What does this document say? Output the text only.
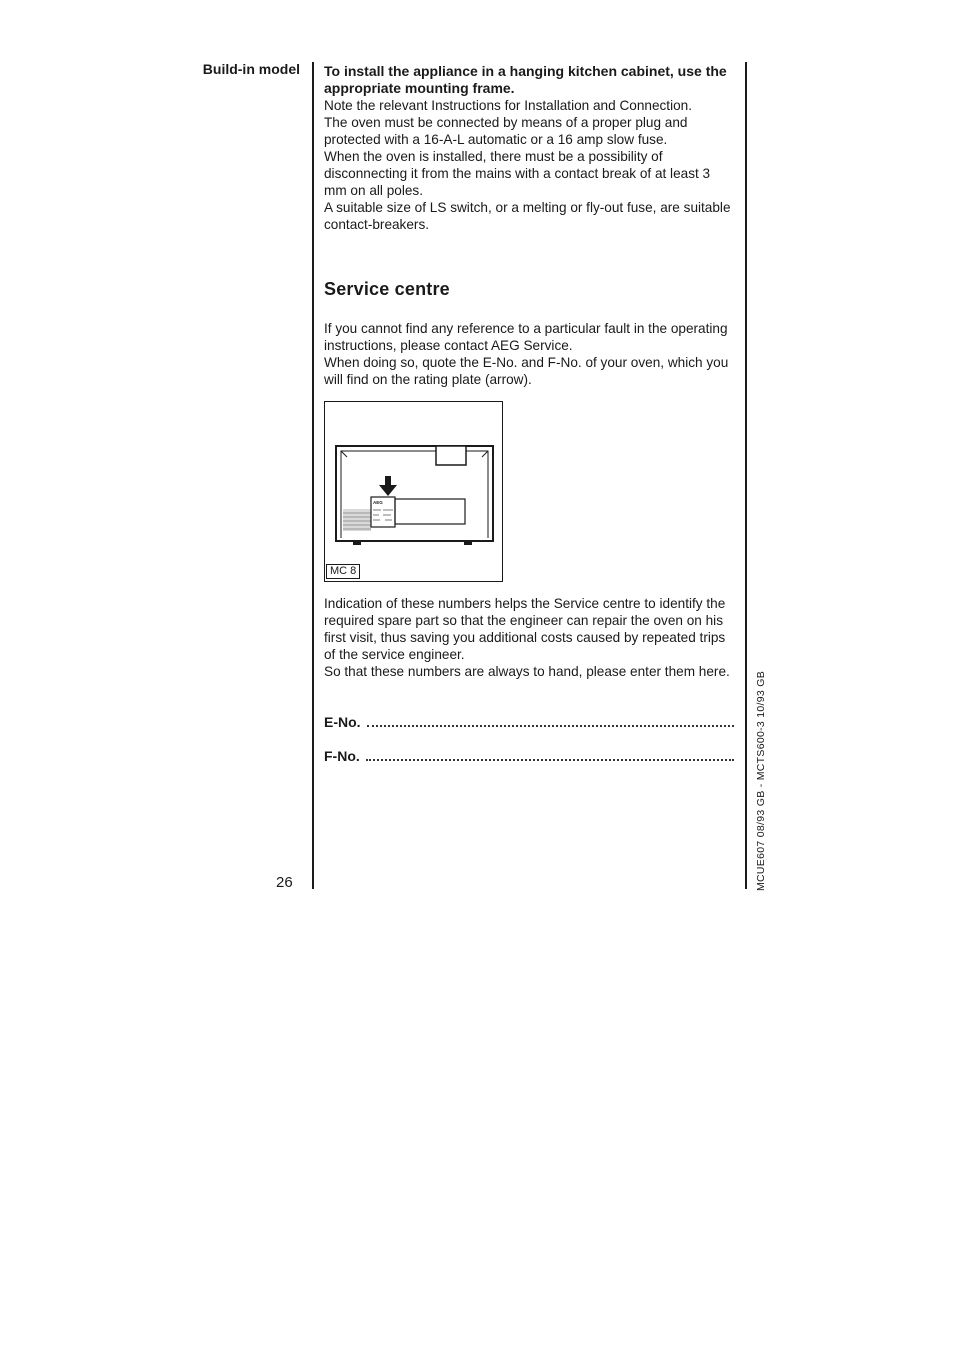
Build-in model To install the appliance in a hanging kitchen cabinet, use the appropriate mounting frame.

Note the relevant Instructions for Installation and Connection.

The oven must be connected by means of a proper plug and protected with a 16-A-L automatic or a 16 amp slow fuse.

When the oven is installed, there must be a possibility of disconnecting it from the mains with a contact break of at least 3 mm on all poles.

A suitable size of LS switch, or a melting or fly-out fuse, are suitable contact-breakers.

Service centre

If you cannot find any reference to a particular fault in the operating instructions, please contact AEG Service.

When doing so, quote the E-No. and F-No. of your oven, which you will find on the rating plate (arrow).

AEG
MC 8

Indication of these numbers helps the Service centre to identify the required spare part so that the engineer can repair the oven on his first visit, thus saving you additional costs caused by repeated trips of the service engineer.

So that these numbers are always to hand, please enter them here.

E-No.
F-No.
26	MCUE607 08/93 GB - MCTS600-3 10/93 GB
